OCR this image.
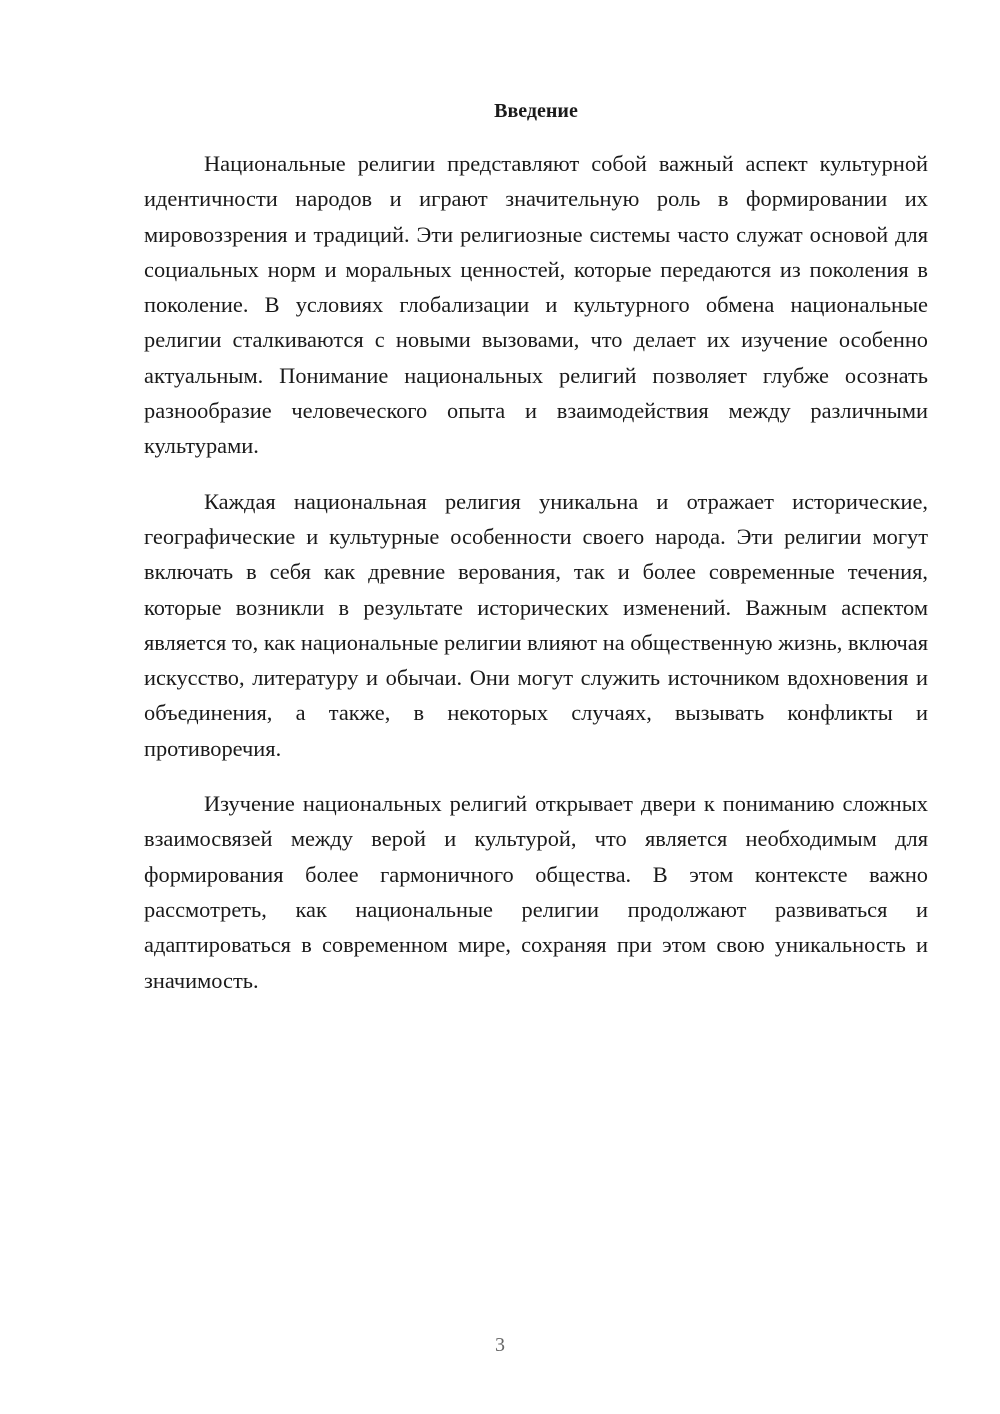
Введение

Национальные религии представляют собой важный аспект культурной идентичности народов и играют значительную роль в формировании их мировоззрения и традиций. Эти религиозные системы часто служат основой для социальных норм и моральных ценностей, которые передаются из поколения в поколение. В условиях глобализации и культурного обмена национальные религии сталкиваются с новыми вызовами, что делает их изучение особенно актуальным. Понимание национальных религий позволяет глубже осознать разнообразие человеческого опыта и взаимодействия между различными культурами.

Каждая национальная религия уникальна и отражает исторические, географические и культурные особенности своего народа. Эти религии могут включать в себя как древние верования, так и более современные течения, которые возникли в результате исторических изменений. Важным аспектом является то, как национальные религии влияют на общественную жизнь, включая искусство, литературу и обычаи. Они могут служить источником вдохновения и объединения, а также, в некоторых случаях, вызывать конфликты и противоречия.

Изучение национальных религий открывает двери к пониманию сложных взаимосвязей между верой и культурой, что является необходимым для формирования более гармоничного общества. В этом контексте важно рассмотреть, как национальные религии продолжают развиваться и адаптироваться в современном мире, сохраняя при этом свою уникальность и значимость.

3
